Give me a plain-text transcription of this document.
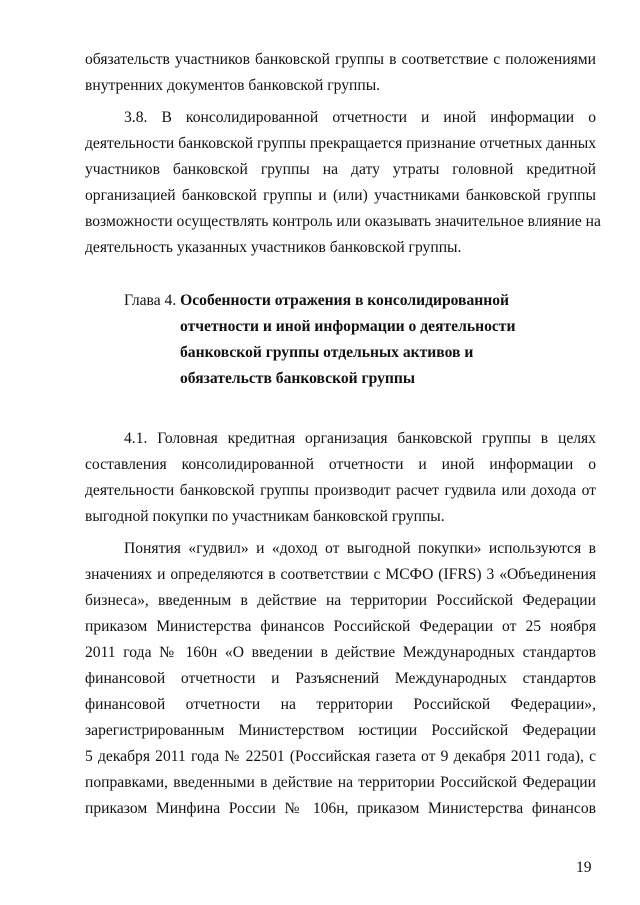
обязательств участников банковской группы в соответствие с положениями
внутренних документов банковской группы.
3.8. В консолидированной отчетности и иной информации о
деятельности банковской группы прекращается признание отчетных данных
участников банковской группы на дату утраты головной кредитной
организацией банковской группы и (или) участниками банковской группы
возможности осуществлять контроль или оказывать значительное влияние на
деятельность указанных участников банковской группы.
Глава 4. Особенности отражения в консолидированной
отчетности и иной информации о деятельности
банковской группы отдельных активов и
обязательств банковской группы
4.1. Головная кредитная организация банковской группы в целях
составления консолидированной отчетности и иной информации о
деятельности банковской группы производит расчет гудвила или дохода от
выгодной покупки по участникам банковской группы.
Понятия «гудвил» и «доход от выгодной покупки» используются в
значениях и определяются в соответствии с МСФО (IFRS) 3 «Объединения
бизнеса», введенным в действие на территории Российской Федерации
приказом Министерства финансов Российской Федерации от 25 ноября
2011 года № 160н «О введении в действие Международных стандартов
финансовой отчетности и Разъяснений Международных стандартов
финансовой отчетности на территории Российской Федерации»,
зарегистрированным Министерством юстиции Российской Федерации
5 декабря 2011 года № 22501 (Российская газета от 9 декабря 2011 года), с
поправками, введенными в действие на территории Российской Федерации
приказом Минфина России № 106н, приказом Министерства финансов
19
